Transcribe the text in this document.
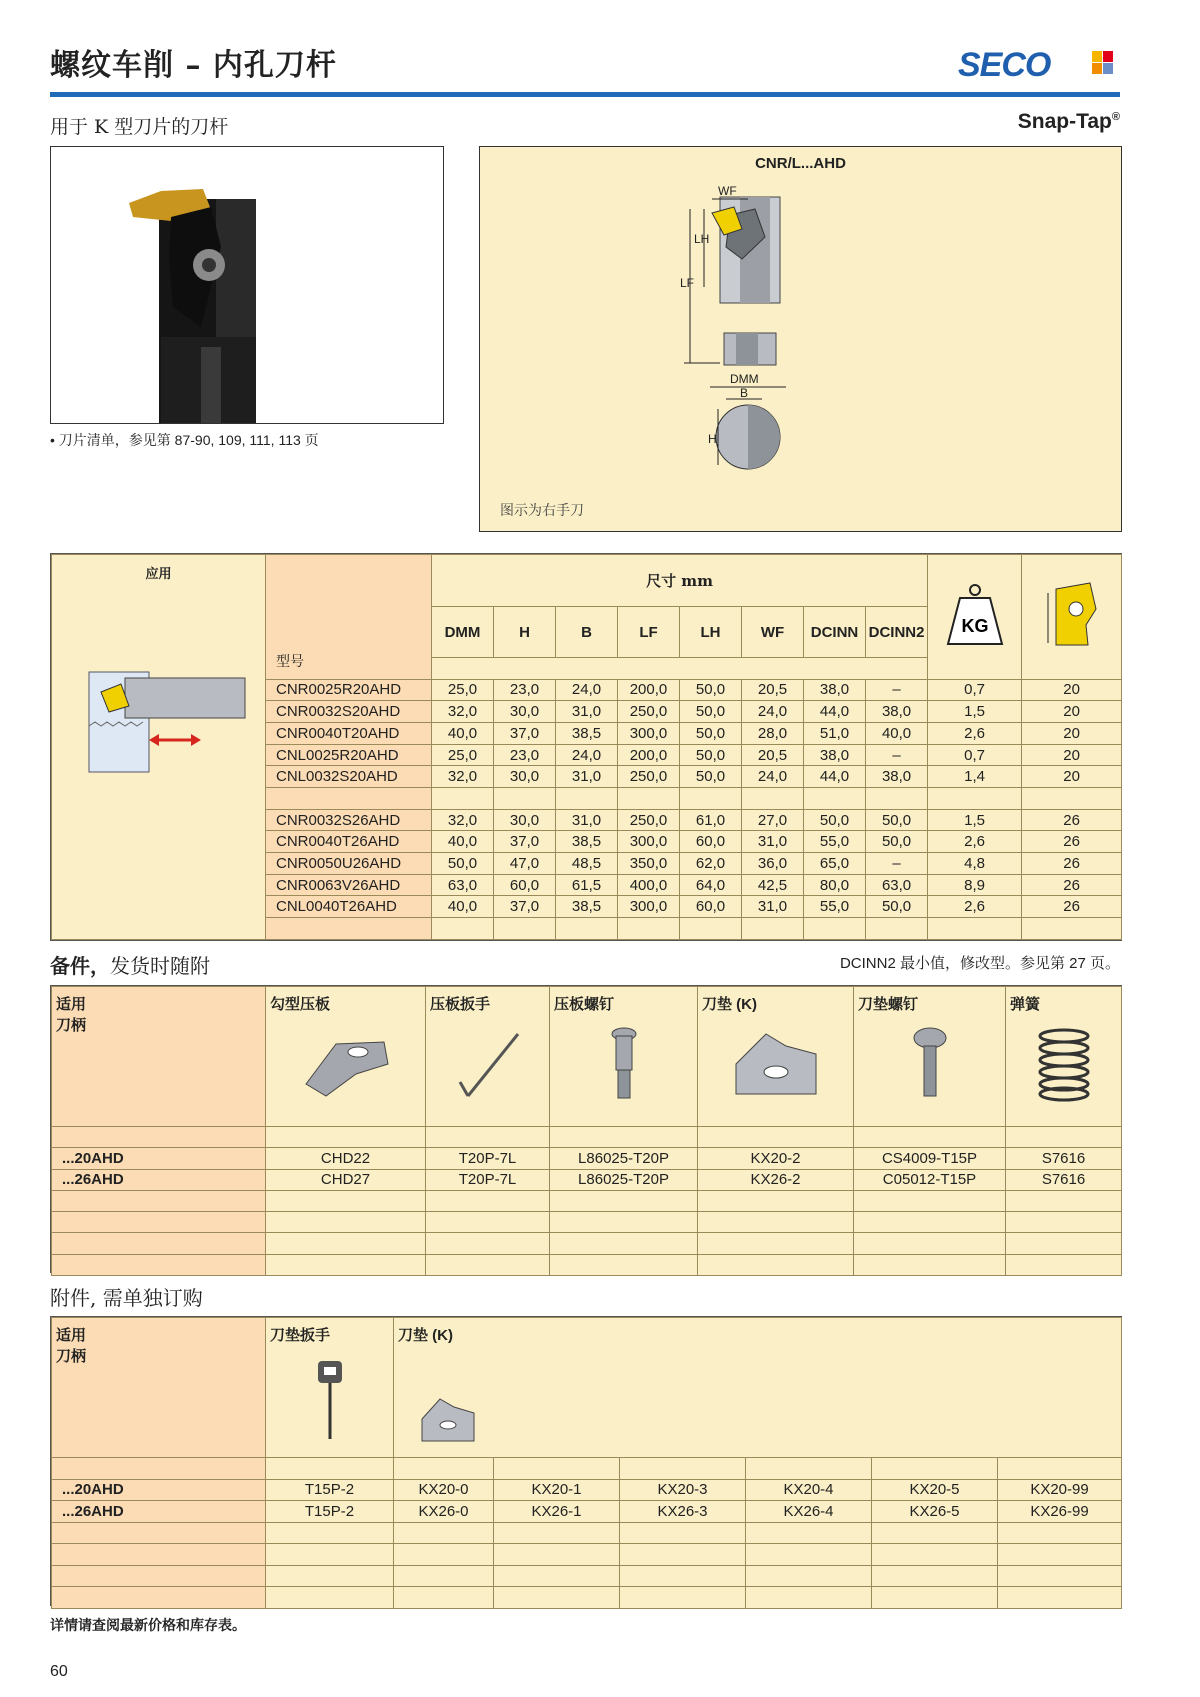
螺纹车削 – 内孔刀杆	SECO
用于 K 型刀片的刀杆	Snap-Tap®
• 刀片清单，参见第 87-90, 109, 111, 113 页
CNR/L...AHD
WF
LH
LF
DMM
B
H
图示为右手刀
应用	型号	尺寸 mm								KG

		DMM	H	B	LF	LH	WF	DCINN	DCINN2		

	CNR0025R20AHD	25,0	23,0	24,0	200,0	50,0	20,5	38,0	–	0,7	20
	CNR0032S20AHD	32,0	30,0	31,0	250,0	50,0	24,0	44,0	38,0	1,5	20
	CNR0040T20AHD	40,0	37,0	38,5	300,0	50,0	28,0	51,0	40,0	2,6	20
	CNL0025R20AHD	25,0	23,0	24,0	200,0	50,0	20,5	38,0	–	0,7	20
	CNL0032S20AHD	32,0	30,0	31,0	250,0	50,0	24,0	44,0	38,0	1,4	20

	CNR0032S26AHD	32,0	30,0	31,0	250,0	61,0	27,0	50,0	50,0	1,5	26
	CNR0040T26AHD	40,0	37,0	38,5	300,0	60,0	31,0	55,0	50,0	2,6	26
	CNR0050U26AHD	50,0	47,0	48,5	350,0	62,0	36,0	65,0	–	4,8	26
	CNR0063V26AHD	63,0	60,0	61,5	400,0	64,0	42,5	80,0	63,0	8,9	26
	CNL0040T26AHD	40,0	37,0	38,5	300,0	60,0	31,0	55,0	50,0	2,6	26

备件，发货时随附	DCINN2 最小值，修改型。参见第 27 页。
适用
刀柄	勾型压板	压板扳手	压板螺钉	刀垫 (K)	刀垫螺钉	弹簧

...20AHD	CHD22	T20P-7L	L86025-T20P	KX20-2	CS4009-T15P	S7616
...26AHD	CHD27	T20P-7L	L86025-T20P	KX26-2	C05012-T15P	S7616

附件, 需单独订购
适用
刀柄	刀垫扳手	刀垫 (K)					

...20AHD	T15P-2	KX20-0	KX20-1	KX20-3	KX20-4	KX20-5	KX20-99
...26AHD	T15P-2	KX26-0	KX26-1	KX26-3	KX26-4	KX26-5	KX26-99

详情请查阅最新价格和库存表。
60
